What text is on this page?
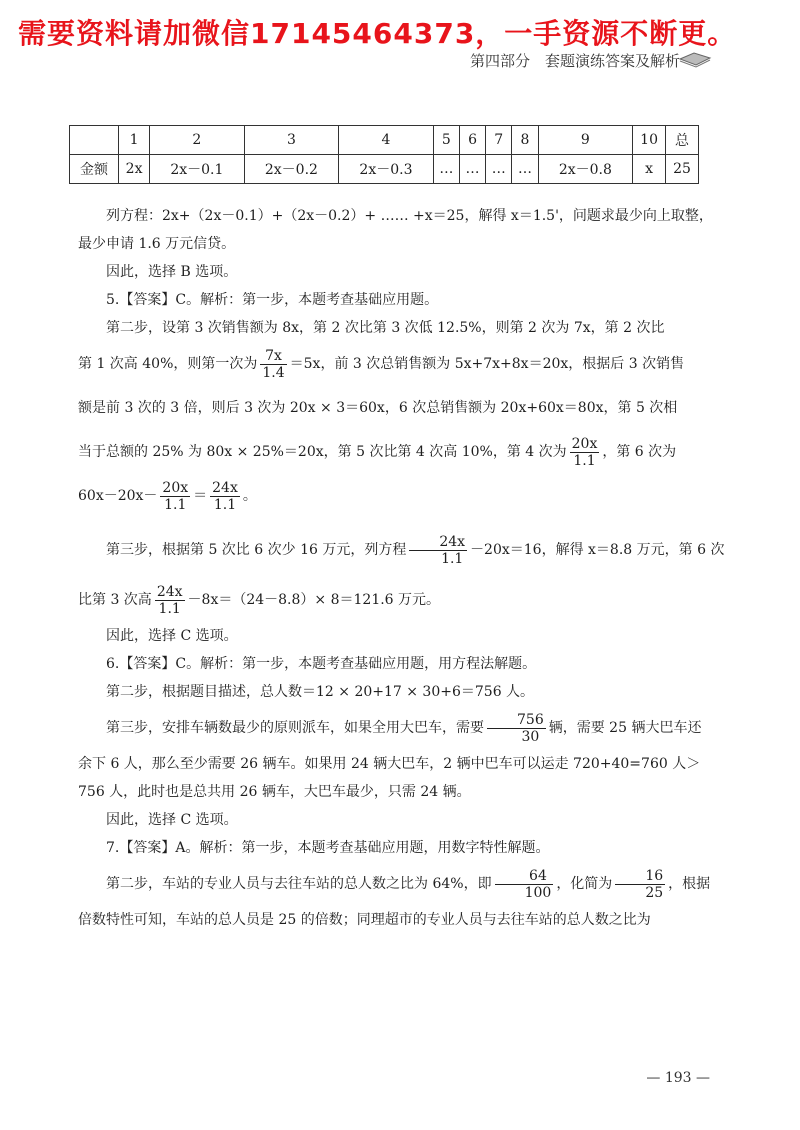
需要资料请加微信17145464373，一手资源不断更。
第四部分　套题演练答案及解析
	1	2	3	4	5	6	7	8	9	10	总
金额	2x	2x－0.1	2x－0.2	2x－0.3	…	…	…	…	2x－0.8	x	25

列方程：2x+（2x－0.1）+（2x－0.2）+ …… +x＝25，解得 x＝1.5'，问题求最少向上取整，

最少申请 1.6 万元信贷。

因此，选择 B 选项。

5.【答案】C。解析：第一步，本题考查基础应用题。

第二步，设第 3 次销售额为 8x，第 2 次比第 3 次低 12.5%，则第 2 次为 7x，第 2 次比

第 1 次高 40%，则第一次为 $\frac{7x}{1.4} =5x$，前 3 次总销售额为 5x+7x+8x＝20x，根据后 3 次销售

额是前 3 次的 3 倍，则后 3 次为 20x × 3＝60x，6 次总销售额为 20x+60x＝80x，第 5 次相

当于总额的 25% 为 80x × 25%＝20x，第 5 次比第 4 次高 10%，第 4 次为 $\frac{20x}{1.1}$ ，第 6 次为

$60x-20x- \frac{20x}{1.1} = \frac{24x}{1.1}$ 。

第三步，根据第 5 次比 6 次少 16 万元，列方程 $\frac{24x}{1.1} -20x=16$，解得 x＝8.8 万元，第 6 次

比第 3 次高 $\frac{24x}{1.1} -8x=(24-8.8)\times 8=121.6$ 万元。

因此，选择 C 选项。

6.【答案】C。解析：第一步，本题考查基础应用题，用方程法解题。

第二步，根据题目描述，总人数＝12 × 20+17 × 30+6＝756 人。

第三步，安排车辆数最少的原则派车，如果全用大巴车，需要 $\frac{756}{30}$ 辆，需要 25 辆大巴车还

余下 6 人，那么至少需要 26 辆车。如果用 24 辆大巴车，2 辆中巴车可以运走 720+40=760 人＞

756 人，此时也是总共用 26 辆车，大巴车最少，只需 24 辆。

因此，选择 C 选项。

7.【答案】A。解析：第一步，本题考查基础应用题，用数字特性解题。

第二步，车站的专业人员与去往车站的总人数之比为 64%，即 $\frac{64}{100}$ ，化简为 $\frac{16}{25}$ ，根据

倍数特性可知，车站的总人员是 25 的倍数；同理超市的专业人员与去往车站的总人数之比为

— 193 —
